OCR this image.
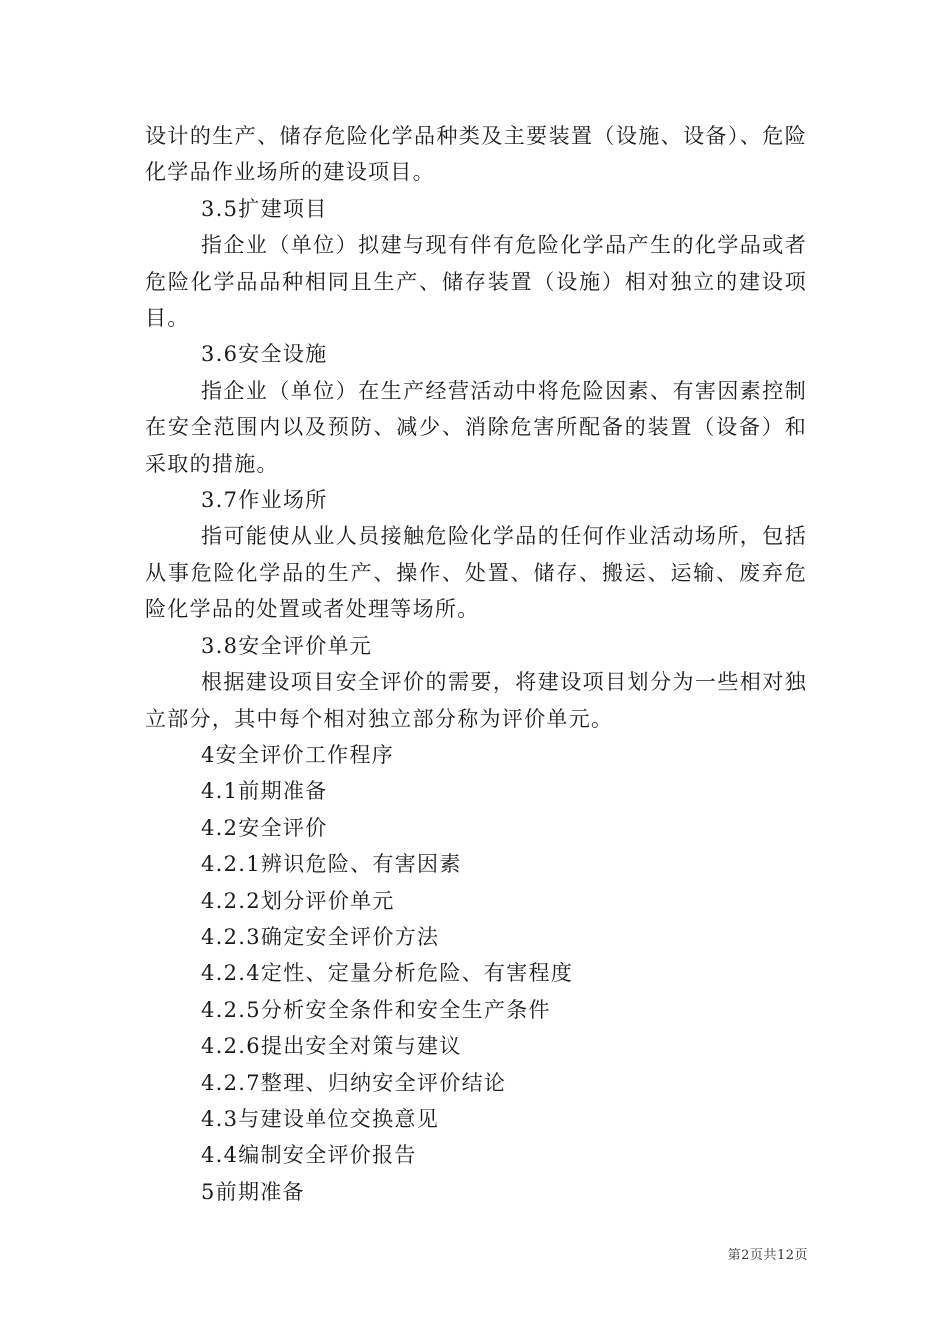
设计的生产、储存危险化学品种类及主要装置（设施、设备）、危险化学品作业场所的建设项目。

3.5扩建项目

指企业（单位）拟建与现有伴有危险化学品产生的化学品或者危险化学品品种相同且生产、储存装置（设施）相对独立的建设项目。

3.6安全设施

指企业（单位）在生产经营活动中将危险因素、有害因素控制在安全范围内以及预防、减少、消除危害所配备的装置（设备）和采取的措施。

3.7作业场所

指可能使从业人员接触危险化学品的任何作业活动场所，包括从事危险化学品的生产、操作、处置、储存、搬运、运输、废弃危险化学品的处置或者处理等场所。

3.8安全评价单元

根据建设项目安全评价的需要，将建设项目划分为一些相对独立部分，其中每个相对独立部分称为评价单元。

4安全评价工作程序

4.1前期准备

4.2安全评价

4.2.1辨识危险、有害因素

4.2.2划分评价单元

4.2.3确定安全评价方法

4.2.4定性、定量分析危险、有害程度

4.2.5分析安全条件和安全生产条件

4.2.6提出安全对策与建议

4.2.7整理、归纳安全评价结论

4.3与建设单位交换意见

4.4编制安全评价报告

5前期准备

第2页共12页
